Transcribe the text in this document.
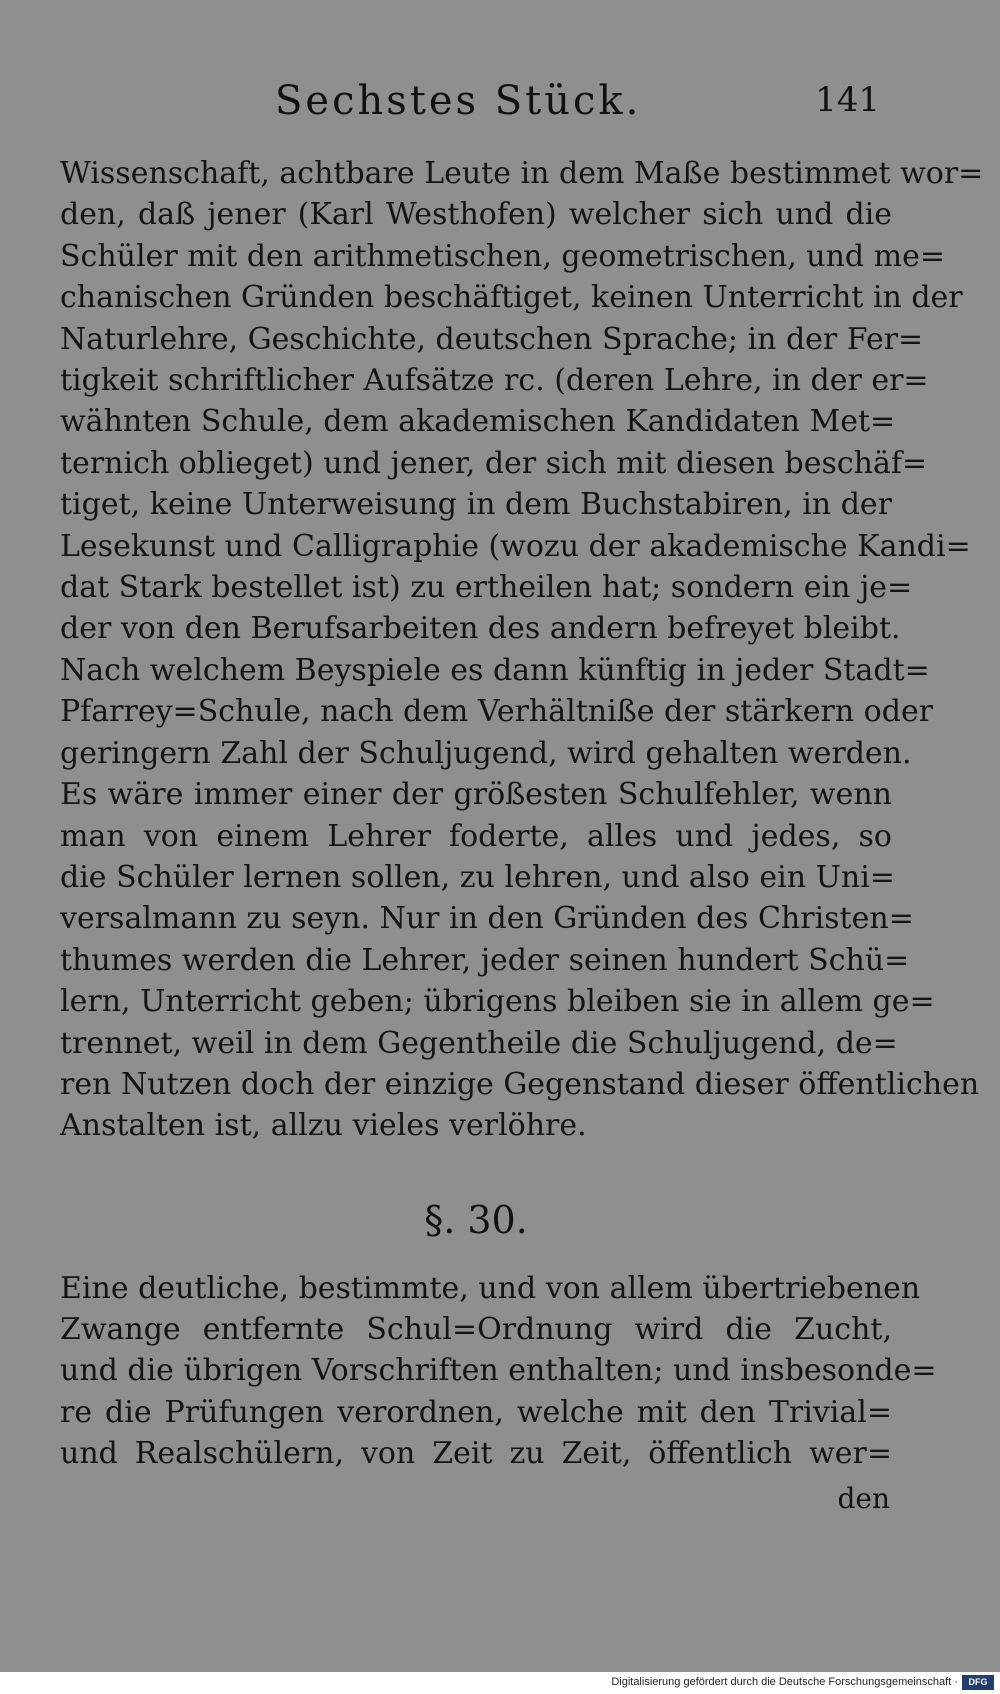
Sechstes Stück.	141
Wissenschaft, achtbare Leute in dem Maße bestimmet wor=
den, daß jener (Karl Westhofen) welcher sich und die
Schüler mit den arithmetischen, geometrischen, und me=
chanischen Gründen beschäftiget, keinen Unterricht in der
Naturlehre, Geschichte, deutschen Sprache; in der Fer=
tigkeit schriftlicher Aufsätze rc. (deren Lehre, in der er=
wähnten Schule, dem akademischen Kandidaten Met=
ternich oblieget) und jener, der sich mit diesen beschäf=
tiget, keine Unterweisung in dem Buchstabiren, in der
Lesekunst und Calligraphie (wozu der akademische Kandi=
dat Stark bestellet ist) zu ertheilen hat; sondern ein je=
der von den Berufsarbeiten des andern befreyet bleibt.
Nach welchem Beyspiele es dann künftig in jeder Stadt=
Pfarrey=Schule, nach dem Verhältniße der stärkern oder
geringern Zahl der Schuljugend, wird gehalten werden.
Es wäre immer einer der größesten Schulfehler, wenn
man von einem Lehrer foderte, alles und jedes, so
die Schüler lernen sollen, zu lehren, und also ein Uni=
versalmann zu seyn. Nur in den Gründen des Christen=
thumes werden die Lehrer, jeder seinen hundert Schü=
lern, Unterricht geben; übrigens bleiben sie in allem ge=
trennet, weil in dem Gegentheile die Schuljugend, de=
ren Nutzen doch der einzige Gegenstand dieser öffentlichen
Anstalten ist, allzu vieles verlöhre.
§. 30.
Eine deutliche, bestimmte, und von allem übertriebenen
Zwange entfernte Schul=Ordnung wird die Zucht,
und die übrigen Vorschriften enthalten; und insbesonde=
re die Prüfungen verordnen, welche mit den Trivial=
und Realschülern, von Zeit zu Zeit, öffentlich wer=
den
Digitalisierung gefördert durch die Deutsche Forschungsgemeinschaft ·	DFG
